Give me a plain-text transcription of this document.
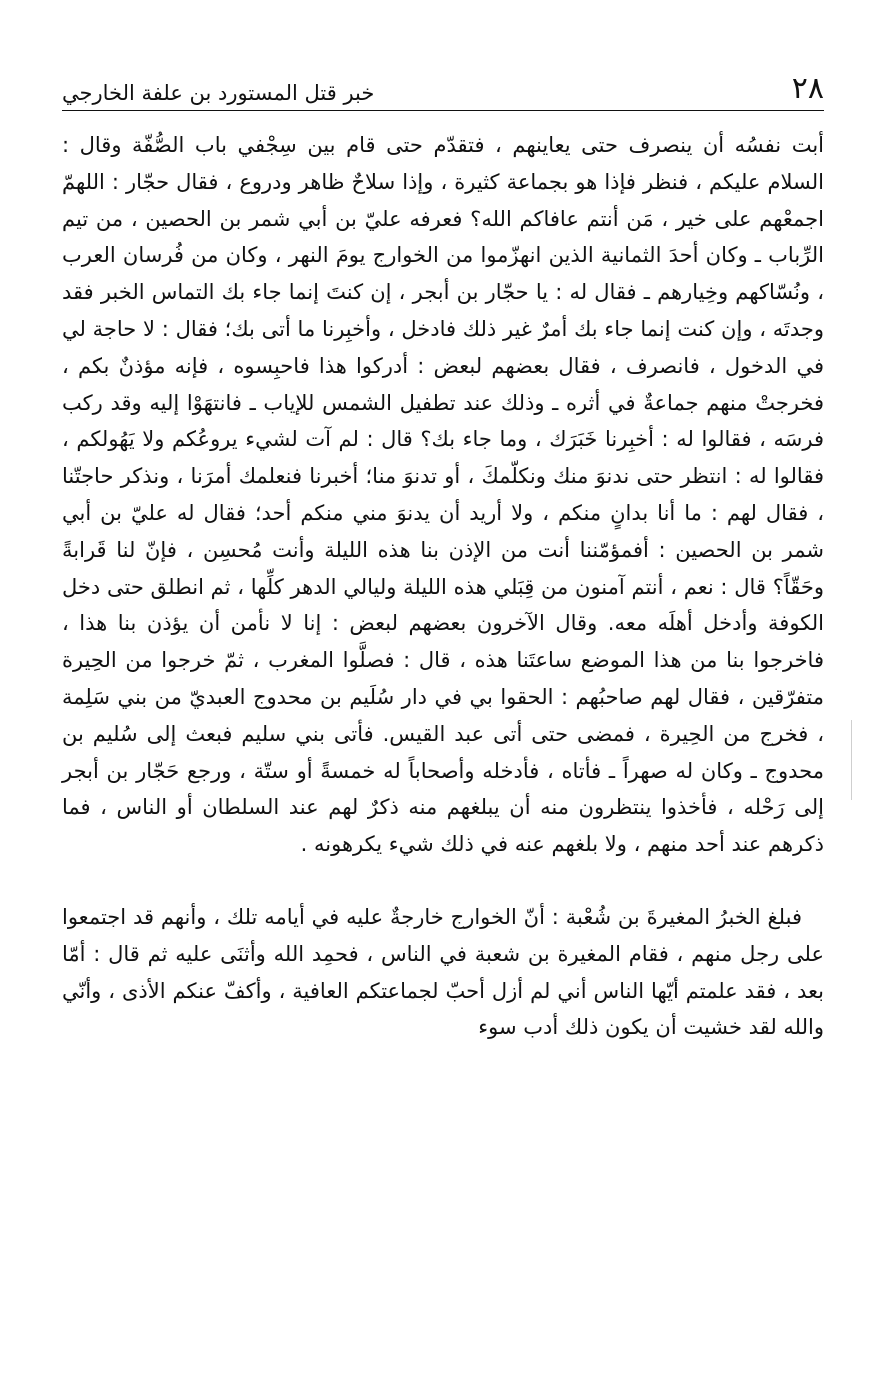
٢٨
خبر قتل المستورد بن علفة الخارجي

أبت نفسُه أن ينصرف حتى يعاينهم ، فتقدّم حتى قام بين سِجْفي باب الصُّفّة وقال : السلام عليكم ، فنظر فإذا هو بجماعة كثيرة ، وإذا سلاحٌ ظاهر ودروع ، فقال حجّار : اللهمّ اجمعْهم على خير ، مَن أنتم عافاكم الله؟ فعرفه عليّ بن أبي شمر بن الحصين ، من تيم الرِّباب ـ وكان أحدَ الثمانية الذين انهزّموا من الخوارج يومَ النهر ، وكان من فُرسان العرب ، ونُسّاكهم وخِيارهم ـ فقال له : يا حجّار بن أبجر ، إن كنتَ إنما جاء بك التماس الخبر فقد وجدتَه ، وإن كنت إنما جاء بك أمرٌ غير ذلك فادخل ، وأخبِرنا ما أتى بك؛ فقال : لا حاجة لي في الدخول ، فانصرف ، فقال بعضهم لبعض : أدركوا هذا فاحبِسوه ، فإنه مؤذنٌ بكم ، فخرجتْ منهم جماعةٌ في أثره ـ وذلك عند تطفيل الشمس للإياب ـ فانتهَوْا إليه وقد ركب فرسَه ، فقالوا له : أخبِرنا خَبَرَك ، وما جاء بك؟ قال : لم آت لشيء يروعُكم ولا يَهُولكم ، فقالوا له : انتظر حتى ندنوَ منك ونكلّمكَ ، أو تدنوَ منا؛ أخبرنا فنعلمك أمرَنا ، ونذكر حاجتّنا ، فقال لهم : ما أنا بدانٍ منكم ، ولا أريد أن يدنوَ مني منكم أحد؛ فقال له عليّ بن أبي شمر بن الحصين : أفمؤمّننا أنت من الإذن بنا هذه الليلة وأنت مُحسِن ، فإنّ لنا قَرابةً وحَقّاً؟ قال : نعم ، أنتم آمنون من قِبَلي هذه الليلة وليالي الدهر كلِّها ، ثم انطلق حتى دخل الكوفة وأدخل أهلَه معه. وقال الآخرون بعضهم لبعض : إنا لا نأمن أن يؤذن بنا هذا ، فاخرجوا بنا من هذا الموضع ساعتَنا هذه ، قال : فصلَّوا المغرب ، ثمّ خرجوا من الحِيرة متفرّقين ، فقال لهم صاحبُهم : الحقوا بي في دار سُلَيم بن محدوج العبديّ من بني سَلِمة ، فخرج من الحِيرة ، فمضى حتى أتى عبد القيس. فأتى بني سليم فبعث إلى سُليم بن محدوج ـ وكان له صهراً ـ فأتاه ، فأدخله وأصحاباً له خمسةً أو ستّة ، ورجع حَجّار بن أبجر إلى رَحْله ، فأخذوا ينتظرون منه أن يبلغهم منه ذكرٌ لهم عند السلطان أو الناس ، فما ذكرهم عند أحد منهم ، ولا بلغهم عنه في ذلك شيء يكرهونه .

فبلغ الخبرُ المغيرةَ بن شُعْبة : أنّ الخوارج خارجةٌ عليه في أيامه تلك ، وأنهم قد اجتمعوا على رجل منهم ، فقام المغيرة بن شعبة في الناس ، فحمِد الله وأثنَى عليه ثم قال : أمّا بعد ، فقد علمتم أيّها الناس أني لم أزل أحبّ لجماعتكم العافية ، وأكفّ عنكم الأذى ، وأنّي والله لقد خشيت أن يكون ذلك أدب سوء
